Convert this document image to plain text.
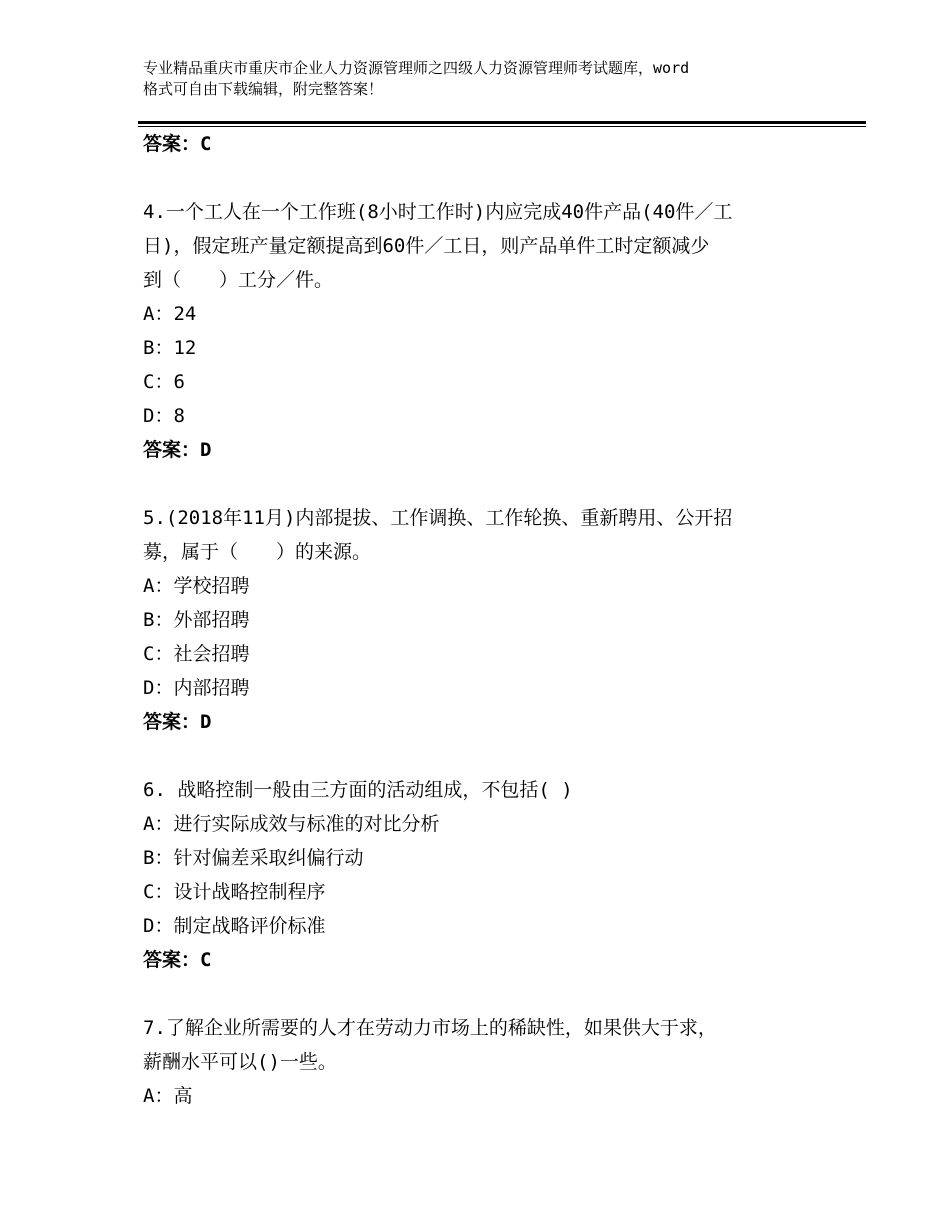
专业精品重庆市重庆市企业人力资源管理师之四级人力资源管理师考试题库，word
格式可自由下载编辑，附完整答案！
答案：C
4.一个工人在一个工作班(8小时工作时)内应完成40件产品(40件／工
日)，假定班产量定额提高到60件／工日，则产品单件工时定额减少
到（　　）工分／件。
A：24
B：12
C：6
D：8
答案：D
5.(2018年11月)内部提拔、工作调换、工作轮换、重新聘用、公开招
募，属于（　　）的来源。
A：学校招聘
B：外部招聘
C：社会招聘
D：内部招聘
答案：D
6. 战略控制一般由三方面的活动组成，不包括( )
A：进行实际成效与标准的对比分析
B：针对偏差采取纠偏行动
C：设计战略控制程序
D：制定战略评价标准
答案：C
7.了解企业所需要的人才在劳动力市场上的稀缺性，如果供大于求，
薪酬水平可以()一些。
A：高
